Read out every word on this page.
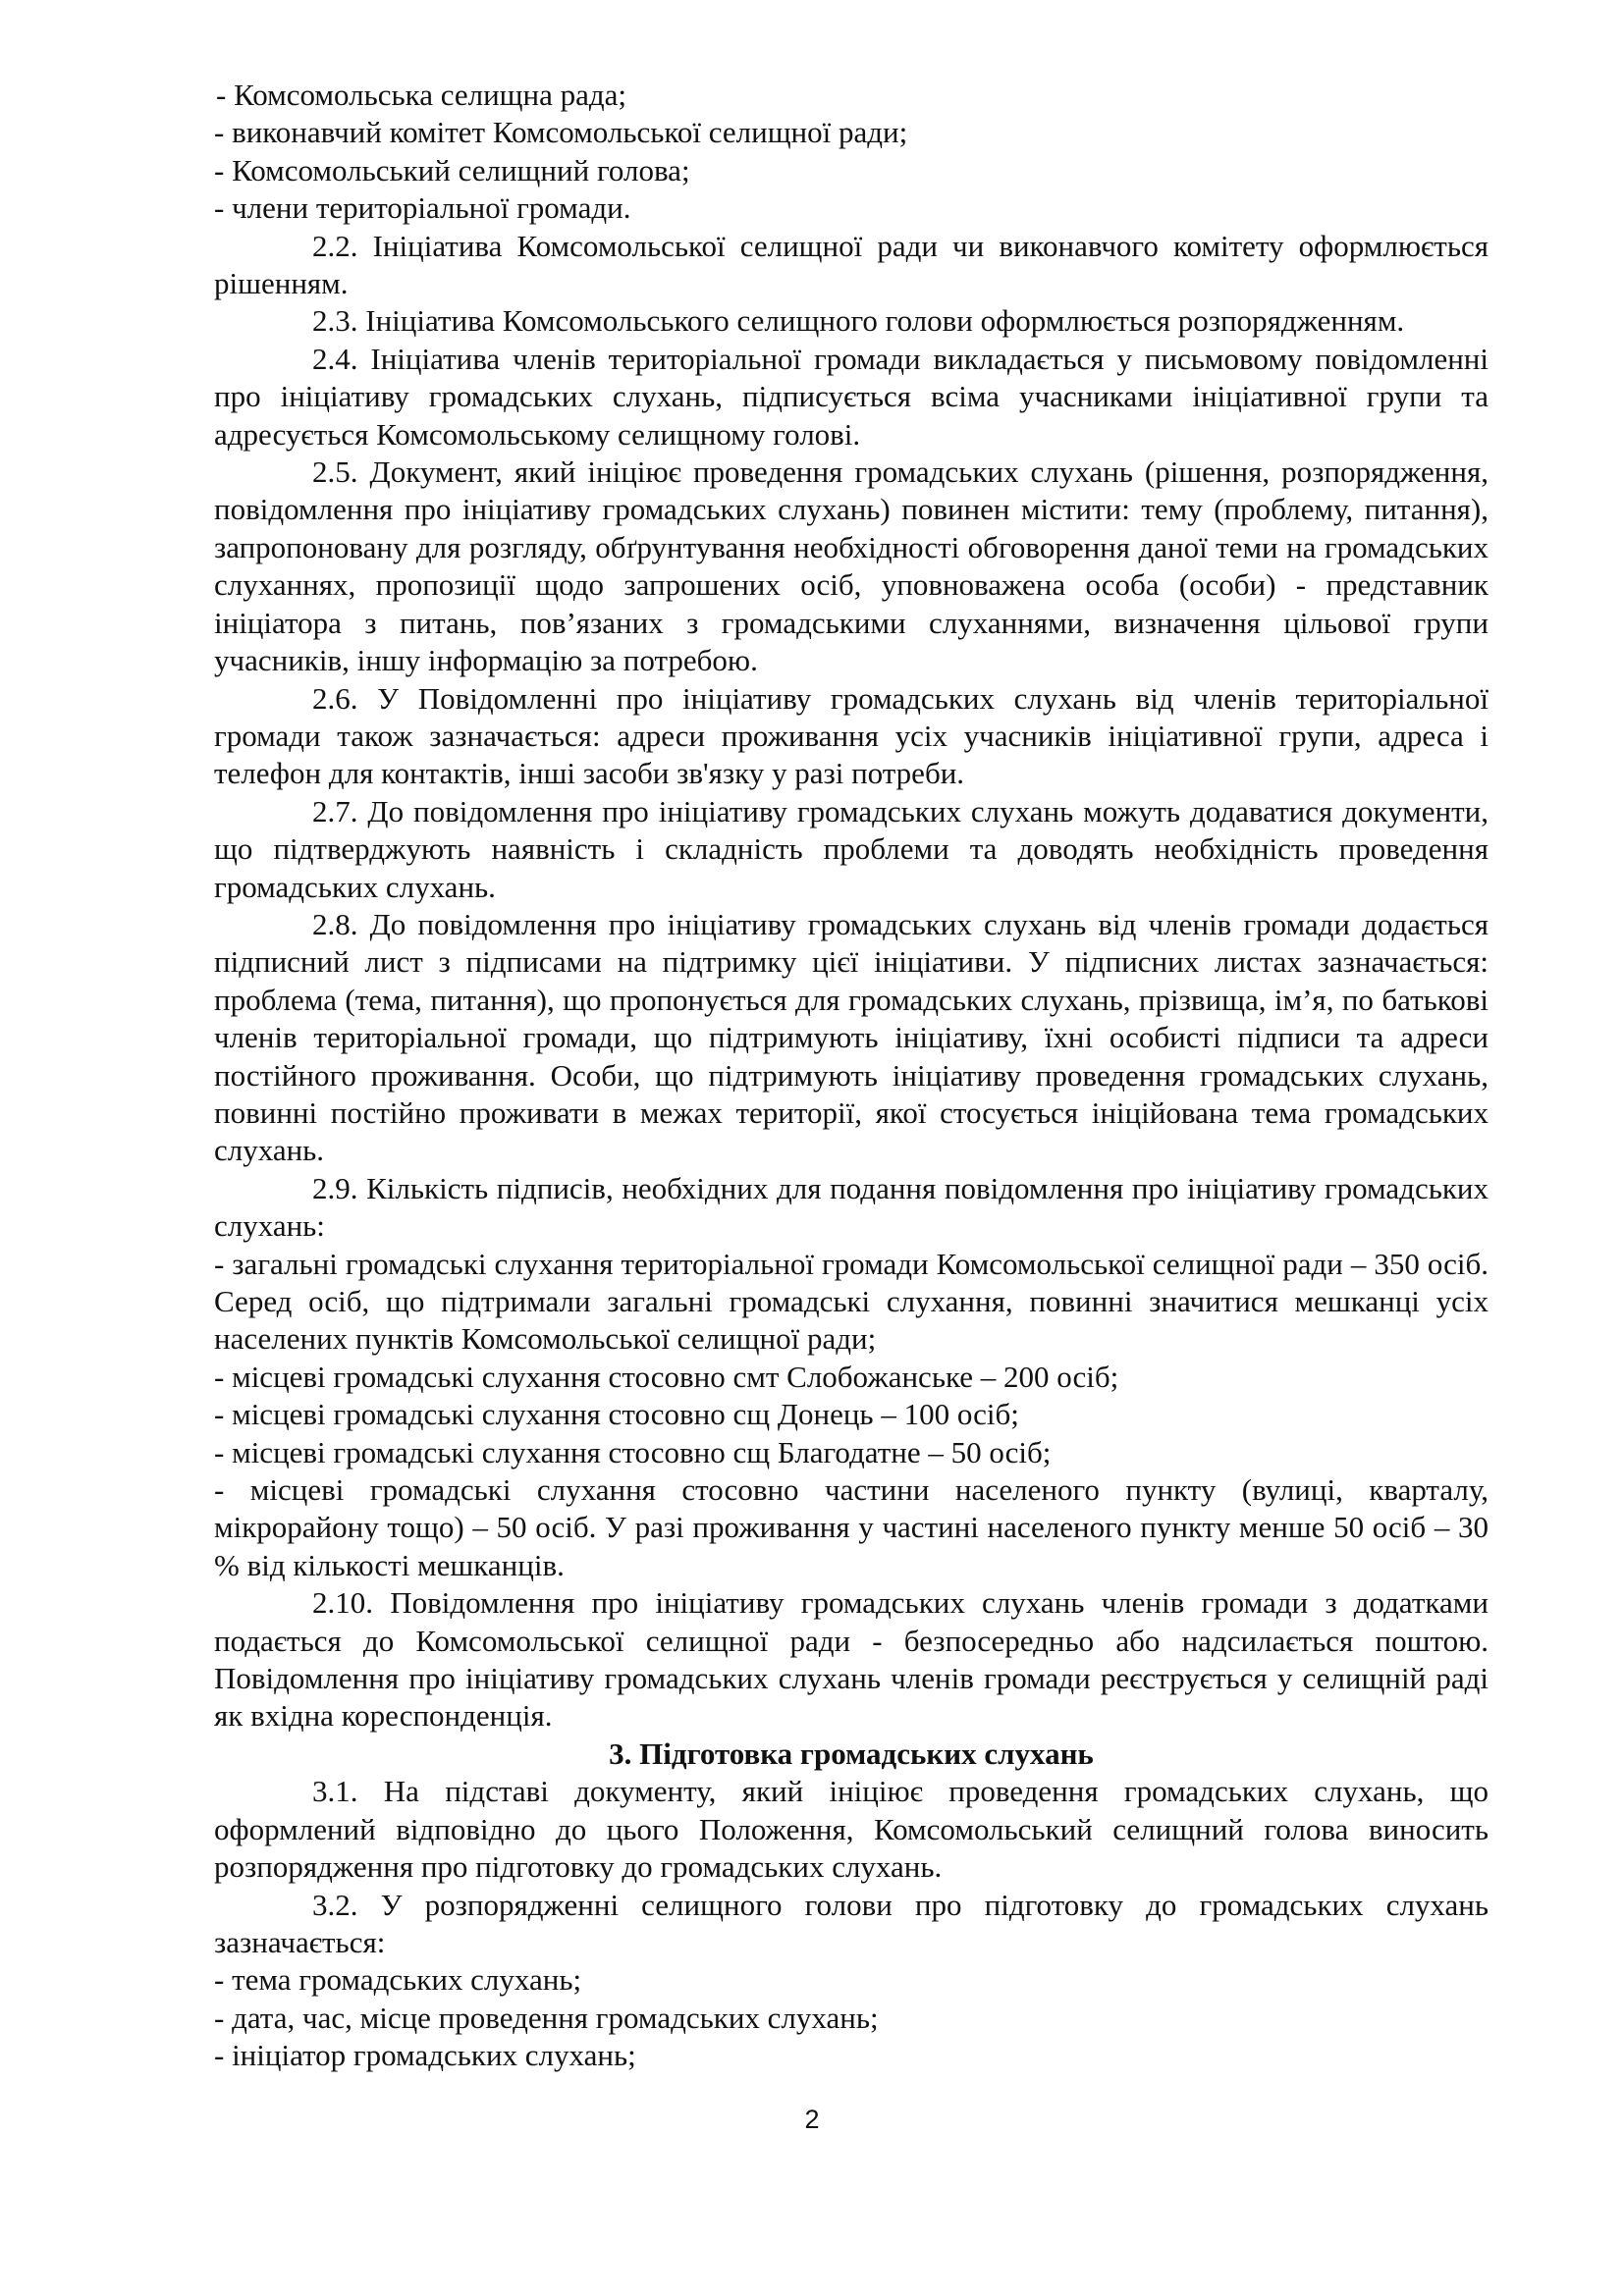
- Комсомольська селищна рада;

- виконавчий комітет Комсомольської селищної ради;

- Комсомольський селищний голова;

- члени територіальної громади.

2.2. Ініціатива Комсомольської селищної ради чи виконавчого комітету оформлюється рішенням.

2.3. Ініціатива Комсомольського селищного голови оформлюється розпорядженням.

2.4. Ініціатива членів територіальної громади викладається у письмовому повідомленні про ініціативу громадських слухань, підписується всіма учасниками ініціативної групи та адресується Комсомольському селищному голові.

2.5. Документ, який ініціює проведення громадських слухань (рішення, розпорядження, повідомлення про ініціативу громадських слухань) повинен містити: тему (проблему, питання), запропоновану для розгляду, обґрунтування необхідності обговорення даної теми на громадських слуханнях, пропозиції щодо запрошених осіб, уповноважена особа (особи) - представник ініціатора з питань, пов’язаних з громадськими слуханнями, визначення цільової групи учасників, іншу інформацію за потребою.

2.6. У Повідомленні про ініціативу громадських слухань від членів територіальної громади також зазначається: адреси проживання усіх учасників ініціативної групи, адреса і телефон для контактів, інші засоби зв'язку у разі потреби.

2.7. До повідомлення про ініціативу громадських слухань можуть додаватися документи, що підтверджують наявність і складність проблеми та доводять необхідність проведення громадських слухань.

2.8. До повідомлення про ініціативу громадських слухань від членів громади додається підписний лист з підписами на підтримку цієї ініціативи. У підписних листах зазначається: проблема (тема, питання), що пропонується для громадських слухань, прізвища, ім’я, по батькові членів територіальної громади, що підтримують ініціативу, їхні особисті підписи та адреси постійного проживання. Особи, що підтримують ініціативу проведення громадських слухань, повинні постійно проживати в межах території, якої стосується ініційована тема громадських слухань.

2.9. Кількість підписів, необхідних для подання повідомлення про ініціативу громадських слухань:

- загальні громадські слухання територіальної громади Комсомольської селищної ради – 350 осіб. Серед осіб, що підтримали загальні громадські слухання, повинні значитися мешканці усіх населених пунктів Комсомольської селищної ради;

- місцеві громадські слухання стосовно смт Слобожанське – 200 осіб;

- місцеві громадські слухання стосовно сщ Донець – 100 осіб;

- місцеві громадські слухання стосовно сщ Благодатне – 50 осіб;

- місцеві громадські слухання стосовно частини населеного пункту (вулиці, кварталу, мікрорайону тощо) – 50 осіб. У разі проживання у частині населеного пункту менше 50 осіб – 30 % від кількості мешканців.

2.10. Повідомлення про ініціативу громадських слухань членів громади з додатками подається до Комсомольської селищної ради - безпосередньо або надсилається поштою. Повідомлення про ініціативу громадських слухань членів громади реєструється у селищній раді як вхідна кореспонденція.

3. Підготовка громадських слухань

3.1. На підставі документу, який ініціює проведення громадських слухань, що оформлений відповідно до цього Положення, Комсомольський селищний голова виносить розпорядження про підготовку до громадських слухань.

3.2. У розпорядженні селищного голови про підготовку до громадських слухань зазначається:

- тема громадських слухань;

- дата, час, місце проведення громадських слухань;

- ініціатор громадських слухань;

2
